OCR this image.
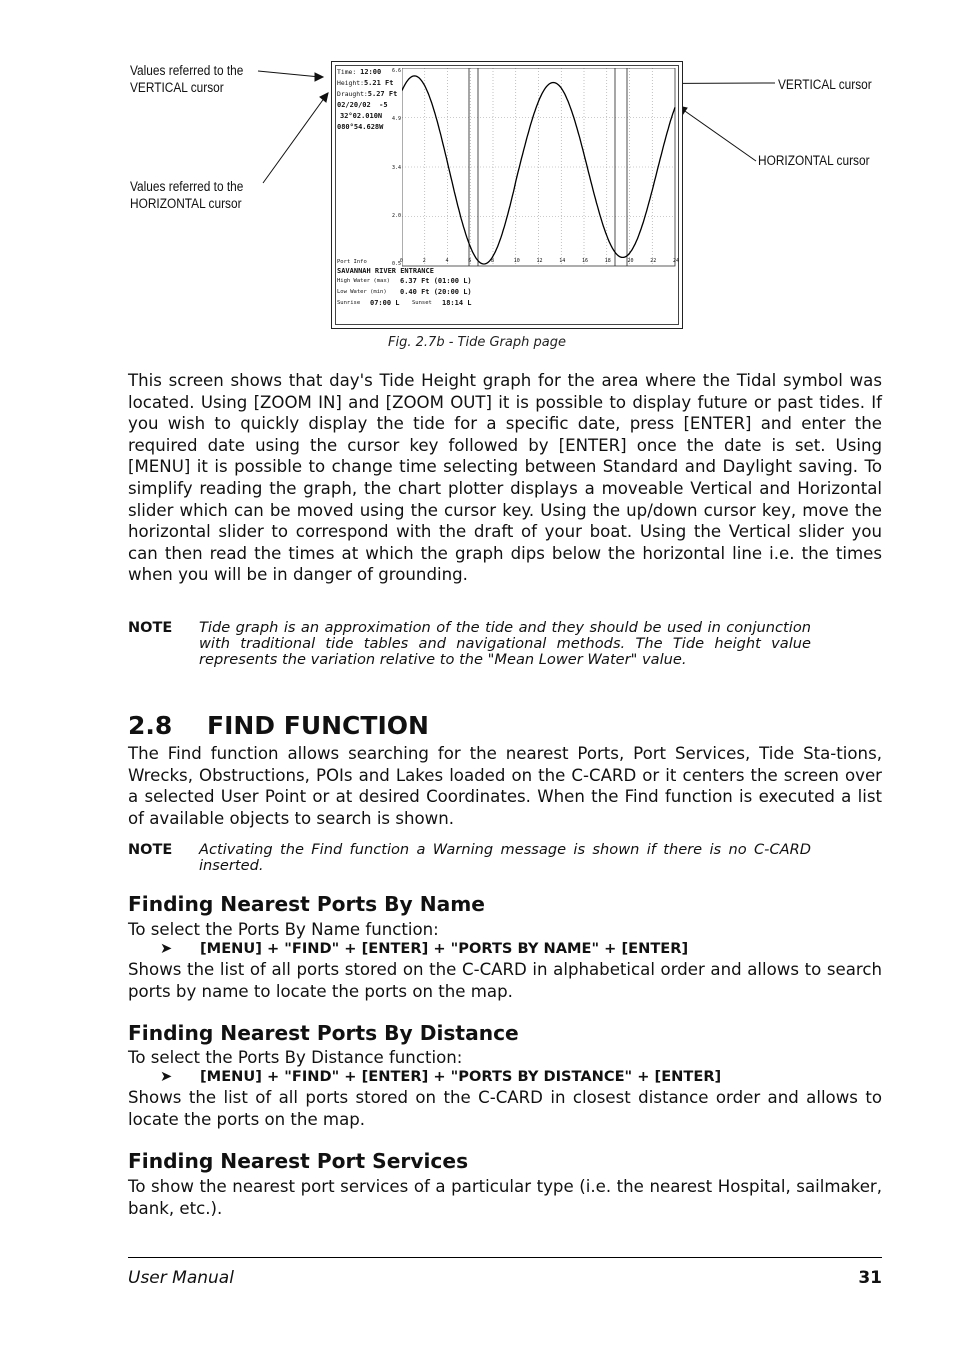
Values referred to the
VERTICAL cursor
Values referred to the
HORIZONTAL cursor
VERTICAL cursor
HORIZONTAL cursor
Time: 12:00
Height:5.21 Ft
Draught:5.27 Ft
02/20/02 -5
32°02.010N
080°54.628W
6.6
4.9
3.4
2.0
0.5
0	2	4	6	8	10	12	14	16	18	20	22	24
Port Info
SAVANNAH RIVER ENTRANCE
High Water (max) 6.37 Ft (01:00 L)
Low Water (min) 0.40 Ft (20:00 L)
Sunrise 07:00 L Sunset 18:14 L
Fig. 2.7b - Tide Graph page
This screen shows that day's Tide Height graph for the area where the Tidal symbol was located. Using [ZOOM IN] and [ZOOM OUT] it is possible to display future or past tides. If you wish to quickly display the tide for a specific date, press [ENTER] and enter the required date using the cursor key followed by [ENTER] once the date is set. Using [MENU] it is possible to change time selecting between Standard and Daylight saving. To simplify reading the graph, the chart plotter displays a moveable Vertical and Horizontal slider which can be moved using the cursor key. Using the up/down cursor key, move the horizontal slider to correspond with the draft of your boat. Using the Vertical slider you can then read the times at which the graph dips below the horizontal line i.e. the times when you will be in danger of grounding.
NOTE Tide graph is an approximation of the tide and they should be used in conjunction with traditional tide tables and navigational methods. The Tide height value represents the variation relative to the "Mean Lower Water" value.
2.8 FIND FUNCTION
The Find function allows searching for the nearest Ports, Port Services, Tide Sta-tions, Wrecks, Obstructions, POIs and Lakes loaded on the C-CARD or it centers the screen over a selected User Point or at desired Coordinates. When the Find function is executed a list of available objects to search is shown.
NOTE Activating the Find function a Warning message is shown if there is no C-CARD inserted.
Finding Nearest Ports By Name
To select the Ports By Name function:
➤ [MENU] + "FIND" + [ENTER] + "PORTS BY NAME" + [ENTER]
Shows the list of all ports stored on the C-CARD in alphabetical order and allows to search ports by name to locate the ports on the map.
Finding Nearest Ports By Distance
To select the Ports By Distance function:
➤ [MENU] + "FIND" + [ENTER] + "PORTS BY DISTANCE" + [ENTER]
Shows the list of all ports stored on the C-CARD in closest distance order and allows to locate the ports on the map.
Finding Nearest Port Services
To show the nearest port services of a particular type (i.e. the nearest Hospital, sailmaker, bank, etc.).
User Manual	31
